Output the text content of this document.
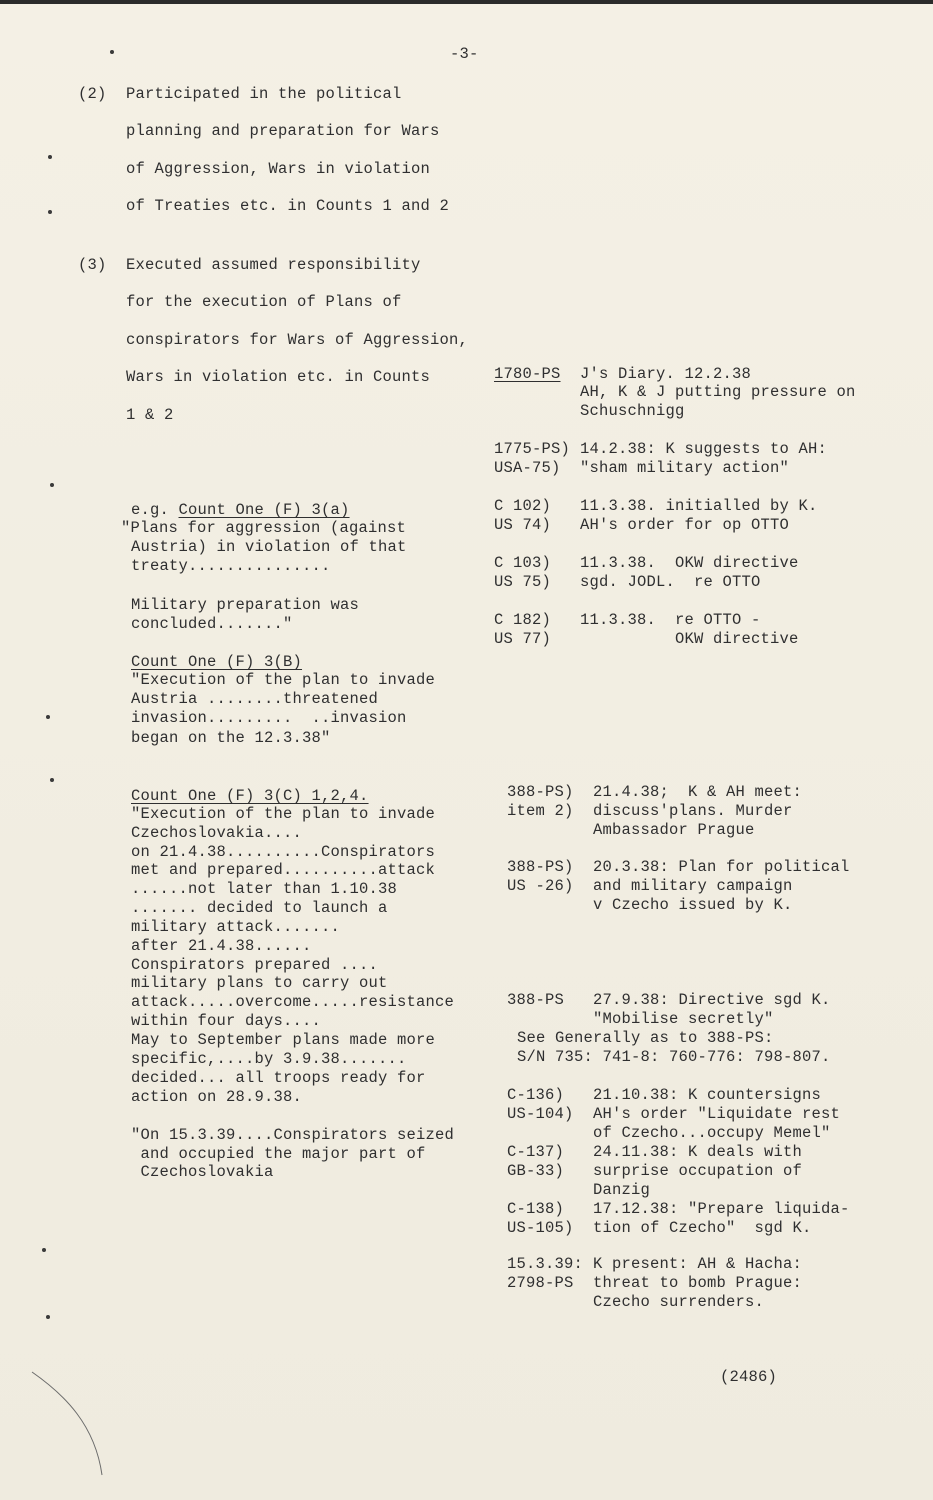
-3-
(2) Participated in the political
planning and preparation for Wars
of Aggression, Wars in violation
of Treaties etc. in Counts 1 and 2
(3) Executed assumed responsibility
for the execution of Plans of
conspirators for Wars of Aggression,
Wars in violation etc. in Counts
1 & 2
e.g. Count One (F) 3(a)
"Plans for aggression (against
Austria) in violation of that
treaty...............
Military preparation was
concluded......."
Count One (F) 3(B)
"Execution of the plan to invade
Austria ........threatened
invasion.........  ..invasion
began on the 12.3.38"
Count One (F) 3(C) 1,2,4.
"Execution of the plan to invade
Czechoslovakia....
on 21.4.38..........Conspirators
met and prepared..........attack
......not later than 1.10.38
....... decided to launch a
military attack.......
after 21.4.38......
Conspirators prepared ....
military plans to carry out
attack.....overcome.....resistance
within four days....
May to September plans made more
specific,....by 3.9.38.......
decided... all troops ready for
action on 28.9.38.
"On 15.3.39....Conspirators seized
and occupied the major part of
Czechoslovakia
1780-PS J's Diary. 12.2.38
AH, K & J putting pressure on
Schuschnigg
1775-PS)
USA-75)
14.2.38: K suggests to AH:
"sham military action"
C 102)
US 74)
11.3.38. initialled by K.
AH's order for op OTTO
C 103)
US 75)
11.3.38.  OKW directive
sgd. JODL.  re OTTO
C 182)
US 77)
11.3.38.  re OTTO -
OKW directive
388-PS)
item 2)
21.4.38;  K & AH meet:
discuss'plans. Murder
Ambassador Prague
388-PS)
US -26)
20.3.38: Plan for political
and military campaign
v Czecho issued by K.
388-PS 27.9.38: Directive sgd K.
"Mobilise secretly"
See Generally as to 388-PS:
S/N 735: 741-8: 760-776: 798-807.
C-136)
US-104)
21.10.38: K countersigns
AH's order "Liquidate rest
of Czecho...occupy Memel"
C-137)
GB-33)
24.11.38: K deals with
surprise occupation of
Danzig
C-138)
US-105)
17.12.38: "Prepare liquida-
tion of Czecho"  sgd K.
15.3.39:
2798-PS
K present: AH & Hacha:
threat to bomb Prague:
Czecho surrenders.
(2486)
